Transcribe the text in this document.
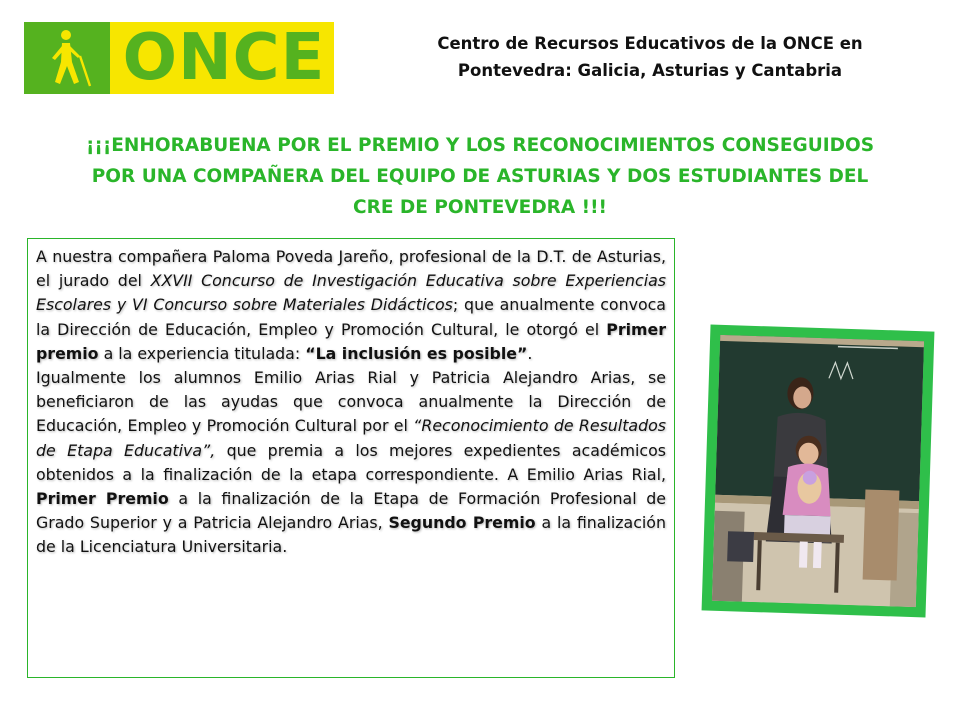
ONCE	Centro de Recursos Educativos de la ONCE en
Pontevedra: Galicia, Asturias y Cantabria
¡¡¡ENHORABUENA POR EL PREMIO Y LOS RECONOCIMIENTOS CONSEGUIDOS
POR UNA COMPAÑERA DEL EQUIPO DE ASTURIAS Y DOS ESTUDIANTES DEL
CRE DE PONTEVEDRA !!!

A nuestra compañera Paloma Poveda Jareño, profesional de la D.T. de Asturias, el jurado del XXVII Concurso de Investigación Educativa sobre Experiencias Escolares y VI Concurso sobre Materiales Didácticos; que anualmente convoca la Dirección de Educación, Empleo y Promoción Cultural, le otorgó el Primer premio a la experiencia titulada: “La inclusión es posible”.

Igualmente los alumnos Emilio Arias Rial y Patricia Alejandro Arias, se beneficiaron de las ayudas que convoca anualmente la Dirección de Educación, Empleo y Promoción Cultural por el “Reconocimiento de Resultados de Etapa Educativa”, que premia a los mejores expedientes académicos obtenidos a la finalización de la etapa correspondiente. A Emilio Arias Rial, Primer Premio a la finalización de la Etapa de Formación Profesional de Grado Superior y a Patricia Alejandro Arias, Segundo Premio a la finalización de la Licenciatura Universitaria.
